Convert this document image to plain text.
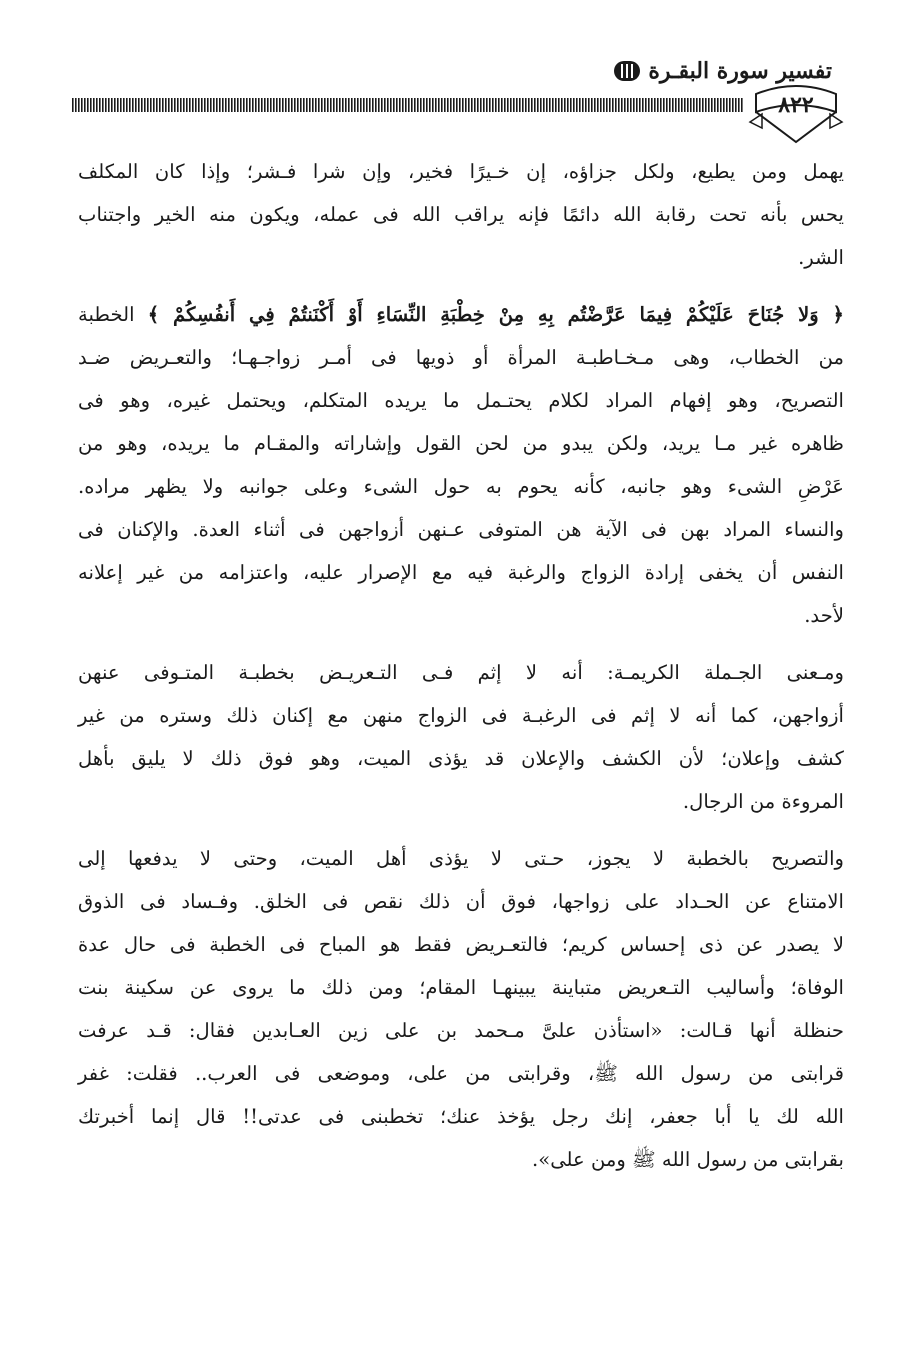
تفسير سورة البقـرة
٨٢٢
يهمل ومن يطيع، ولكل جزاؤه، إن خـيرًا فخير، وإن شرا فـشر؛ وإذا كان المكلف
يحس بأنه تحت رقابة الله دائمًا فإنه يراقب الله فى عمله، ويكون منه الخير واجتناب
الشر.
﴿ وَلا جُنَاحَ عَلَيْكُمْ فِيمَا عَرَّضْتُم بِهِ مِنْ خِطْبَةِ النِّسَاءِ أَوْ أَكْنَنتُمْ فِي أَنفُسِكُمْ ﴾ الخطبة
من الخطاب، وهى مـخـاطبـة المرأة أو ذويها فى أمـر زواجـهـا؛ والتعـريض ضـد
التصريح، وهو إفهام المراد لكلام يحتـمل ما يريده المتكلم، ويحتمل غيره، وهو فى
ظاهره غير مـا يريد، ولكن يبدو من لحن القول وإشاراته والمقـام ما يريده، وهو من
عَرْضِ الشىء وهو جانبه، كأنه يحوم به حول الشىء وعلى جوانبه ولا يظهر مراده.
والنساء المراد بهن فى الآية هن المتوفى عـنهن أزواجهن فى أثناء العدة. والإكنان فى
النفس أن يخفى إرادة الزواج والرغبة فيه مع الإصرار عليه، واعتزامه من غير إعلانه
لأحد.
ومـعنى الجـملة الكريمـة: أنه لا إثم فـى التـعريـض بخطبـة المتـوفى عنهن
أزواجهن، كما أنه لا إثم فى الرغبـة فى الزواج منهن مع إكنان ذلك وستره من غير
كشف وإعلان؛ لأن الكشف والإعلان قد يؤذى الميت، وهو فوق ذلك لا يليق بأهل
المروءة من الرجال.
والتصريح بالخطبة لا يجوز، حـتى لا يؤذى أهل الميت، وحتى لا يدفعها إلى
الامتناع عن الحـداد على زواجها، فوق أن ذلك نقص فى الخلق. وفـساد فى الذوق
لا يصدر عن ذى إحساس كريم؛ فالتعـريض فقط هو المباح فى الخطبة فى حال عدة
الوفاة؛ وأساليب التـعريض متباينة يبينهـا المقام؛ ومن ذلك ما يروى عن سكينة بنت
حنظلة أنها قـالت: «استأذن علىَّ مـحمد بن على زين العـابدين فقال: قـد عرفت
قرابتى من رسول الله ﷺ، وقرابتى من على، وموضعى فى العرب.. فقلت: غفر
الله لك يا أبا جعفر، إنك رجل يؤخذ عنك؛ تخطبنى فى عدتى!! قال إنما أخبرتك
بقرابتى من رسول الله ﷺ ومن على».
